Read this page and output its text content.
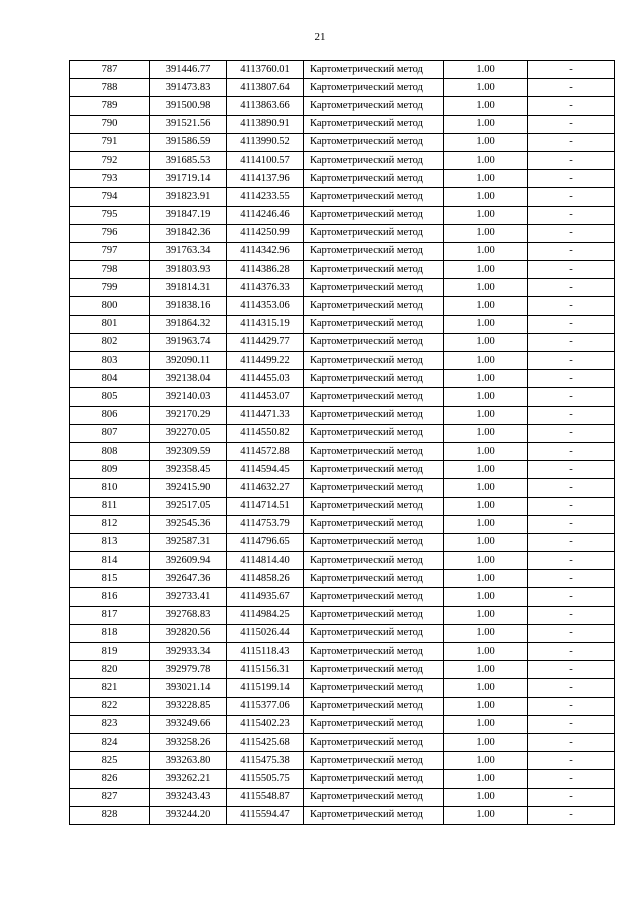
21
787	391446.77	4113760.01	Картометрический метод	1.00	-
788	391473.83	4113807.64	Картометрический метод	1.00	-
789	391500.98	4113863.66	Картометрический метод	1.00	-
790	391521.56	4113890.91	Картометрический метод	1.00	-
791	391586.59	4113990.52	Картометрический метод	1.00	-
792	391685.53	4114100.57	Картометрический метод	1.00	-
793	391719.14	4114137.96	Картометрический метод	1.00	-
794	391823.91	4114233.55	Картометрический метод	1.00	-
795	391847.19	4114246.46	Картометрический метод	1.00	-
796	391842.36	4114250.99	Картометрический метод	1.00	-
797	391763.34	4114342.96	Картометрический метод	1.00	-
798	391803.93	4114386.28	Картометрический метод	1.00	-
799	391814.31	4114376.33	Картометрический метод	1.00	-
800	391838.16	4114353.06	Картометрический метод	1.00	-
801	391864.32	4114315.19	Картометрический метод	1.00	-
802	391963.74	4114429.77	Картометрический метод	1.00	-
803	392090.11	4114499.22	Картометрический метод	1.00	-
804	392138.04	4114455.03	Картометрический метод	1.00	-
805	392140.03	4114453.07	Картометрический метод	1.00	-
806	392170.29	4114471.33	Картометрический метод	1.00	-
807	392270.05	4114550.82	Картометрический метод	1.00	-
808	392309.59	4114572.88	Картометрический метод	1.00	-
809	392358.45	4114594.45	Картометрический метод	1.00	-
810	392415.90	4114632.27	Картометрический метод	1.00	-
811	392517.05	4114714.51	Картометрический метод	1.00	-
812	392545.36	4114753.79	Картометрический метод	1.00	-
813	392587.31	4114796.65	Картометрический метод	1.00	-
814	392609.94	4114814.40	Картометрический метод	1.00	-
815	392647.36	4114858.26	Картометрический метод	1.00	-
816	392733.41	4114935.67	Картометрический метод	1.00	-
817	392768.83	4114984.25	Картометрический метод	1.00	-
818	392820.56	4115026.44	Картометрический метод	1.00	-
819	392933.34	4115118.43	Картометрический метод	1.00	-
820	392979.78	4115156.31	Картометрический метод	1.00	-
821	393021.14	4115199.14	Картометрический метод	1.00	-
822	393228.85	4115377.06	Картометрический метод	1.00	-
823	393249.66	4115402.23	Картометрический метод	1.00	-
824	393258.26	4115425.68	Картометрический метод	1.00	-
825	393263.80	4115475.38	Картометрический метод	1.00	-
826	393262.21	4115505.75	Картометрический метод	1.00	-
827	393243.43	4115548.87	Картометрический метод	1.00	-
828	393244.20	4115594.47	Картометрический метод	1.00	-
